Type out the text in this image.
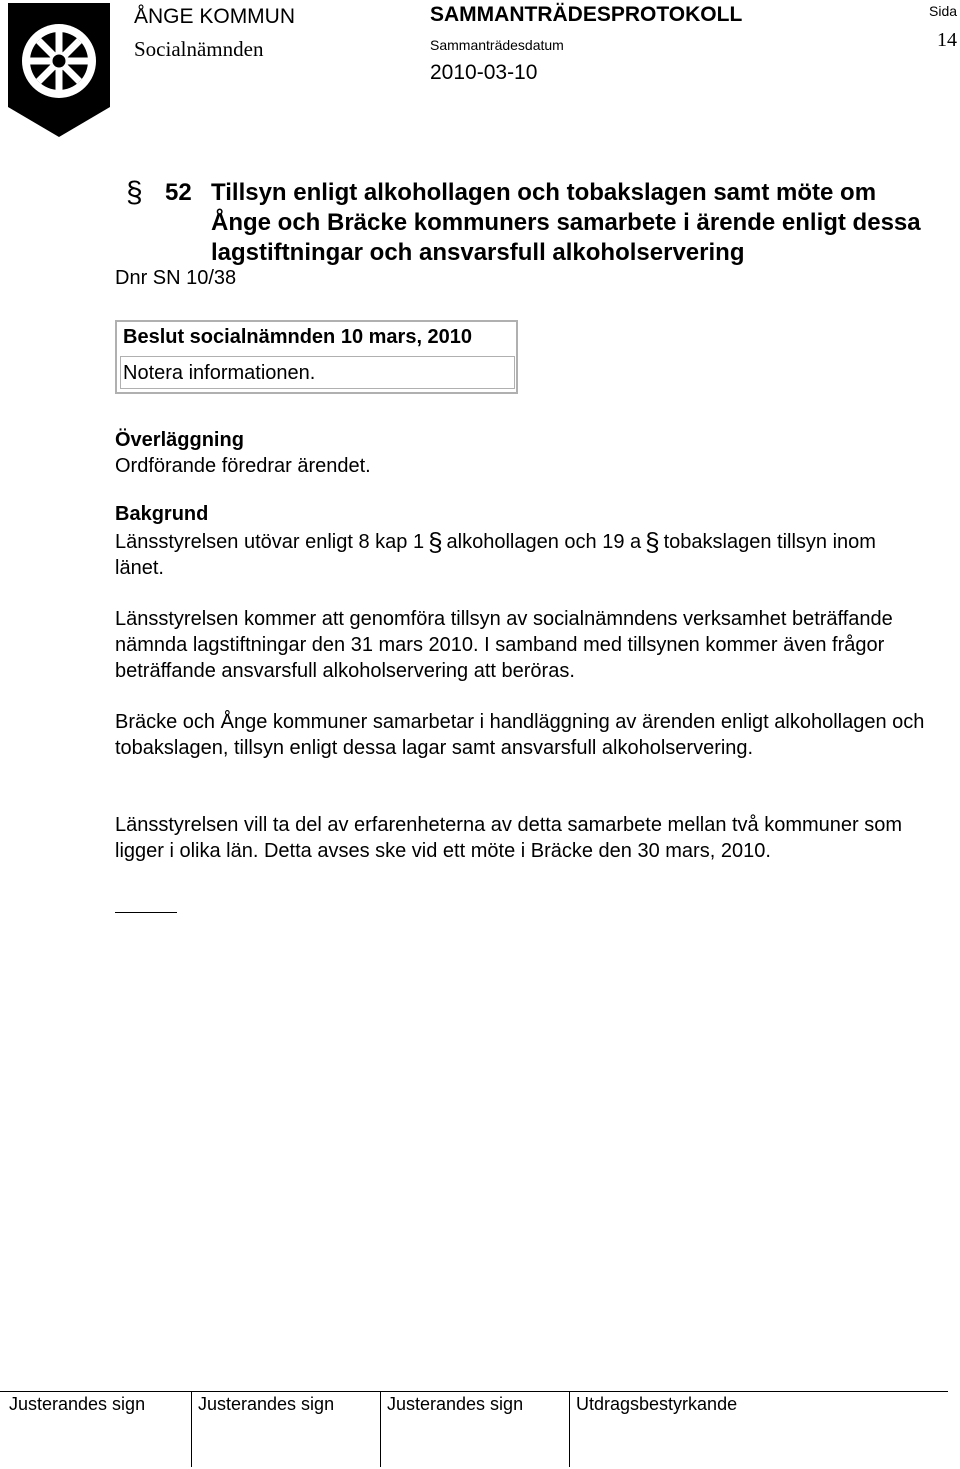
ÅNGE KOMMUN
Socialnämnden
SAMMANTRÄDESPROTOKOLL
Sammanträdesdatum
2010-03-10
Sida
14
§ 52 Tillsyn enligt alkohollagen och tobakslagen samt möte om Ånge och Bräcke kommuners samarbete i ärende enligt dessa lagstiftningar och ansvarsfull alkoholservering
Dnr SN 10/38
Beslut socialnämnden 10 mars, 2010
Notera informationen.
Överläggning
Ordförande föredrar ärendet.
Bakgrund
Länsstyrelsen utövar enligt 8 kap 1 § alkohollagen och 19 a § tobakslagen tillsyn inom länet.
Länsstyrelsen kommer att genomföra tillsyn av socialnämndens verksamhet beträffande nämnda lagstiftningar den 31 mars 2010. I samband med tillsynen kommer även frågor beträffande ansvarsfull alkoholservering att beröras.
Bräcke och Ånge kommuner samarbetar i handläggning av ärenden enligt alkohollagen och tobakslagen, tillsyn enligt dessa lagar samt ansvarsfull alkoholservering.
Länsstyrelsen vill ta del av erfarenheterna av detta samarbete mellan två kommuner som ligger i olika län. Detta avses ske vid ett möte i Bräcke den 30 mars, 2010.
Justerandes sign	Justerandes sign	Justerandes sign	Utdragsbestyrkande
